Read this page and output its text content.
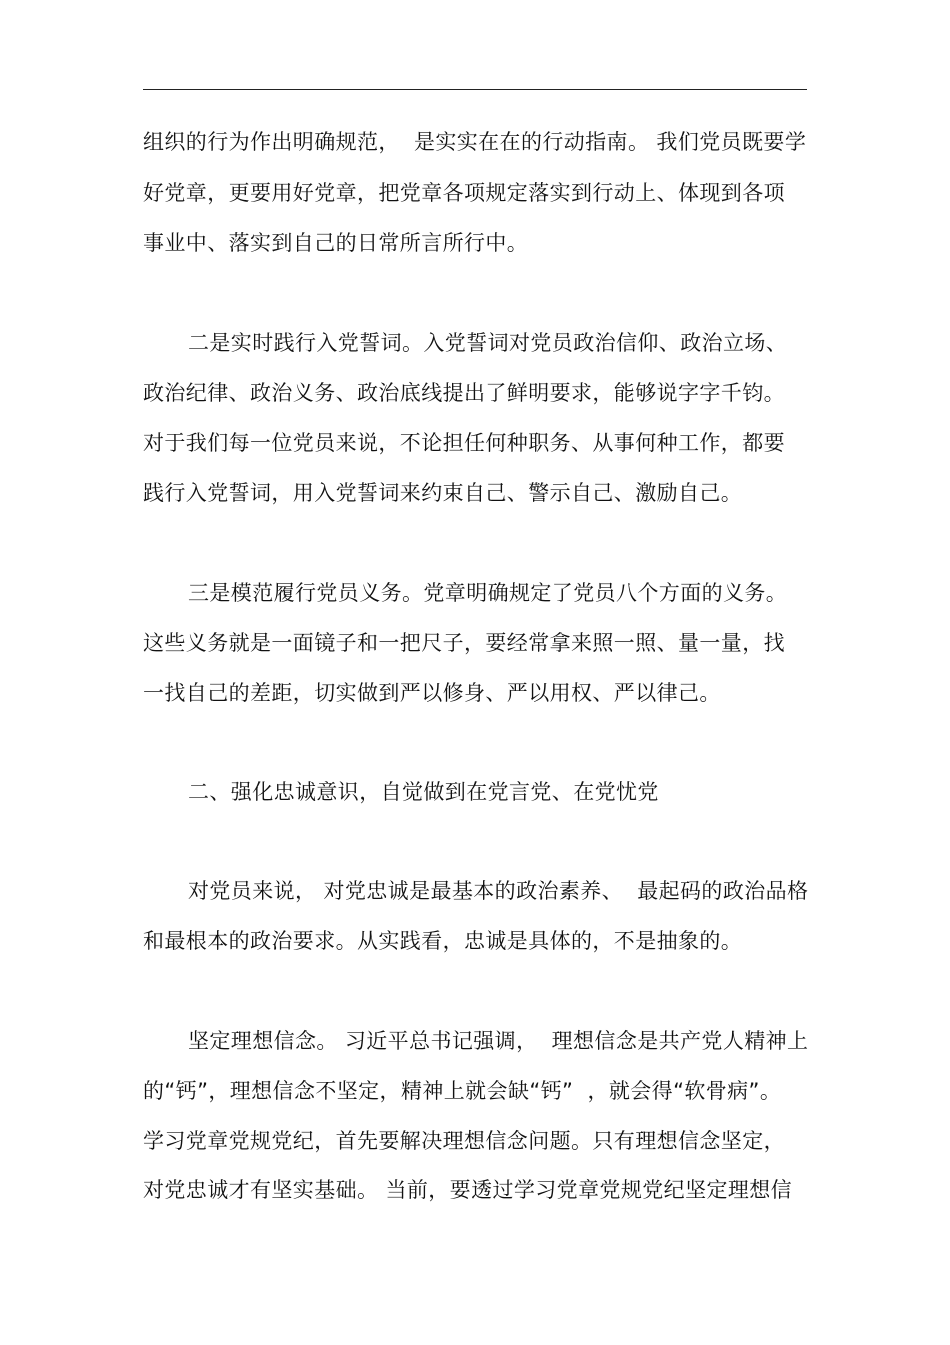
组织的行为作出明确规范，  是实实在在的行动指南。 我们党员既要学
好党章，更要用好党章，把党章各项规定落实到行动上、体现到各项
事业中、落实到自己的日常所言所行中。
二是实时践行入党誓词。入党誓词对党员政治信仰、政治立场、
政治纪律、政治义务、政治底线提出了鲜明要求，能够说字字千钧。
对于我们每一位党员来说，不论担任何种职务、从事何种工作，都要
践行入党誓词，用入党誓词来约束自己、警示自己、激励自己。
三是模范履行党员义务。党章明确规定了党员八个方面的义务。
这些义务就是一面镜子和一把尺子，要经常拿来照一照、量一量，找
一找自己的差距，切实做到严以修身、严以用权、严以律己。
二、强化忠诚意识，自觉做到在党言党、在党忧党
对党员来说， 对党忠诚是最基本的政治素养、  最起码的政治品格
和最根本的政治要求。从实践看，忠诚是具体的，不是抽象的。
坚定理想信念。 习近平总书记强调，  理想信念是共产党人精神上
的“钙”，理想信念不坚定，精神上就会缺“钙”  ，就会得“软骨病”。
学习党章党规党纪，首先要解决理想信念问题。只有理想信念坚定，
对党忠诚才有坚实基础。 当前，要透过学习党章党规党纪坚定理想信
